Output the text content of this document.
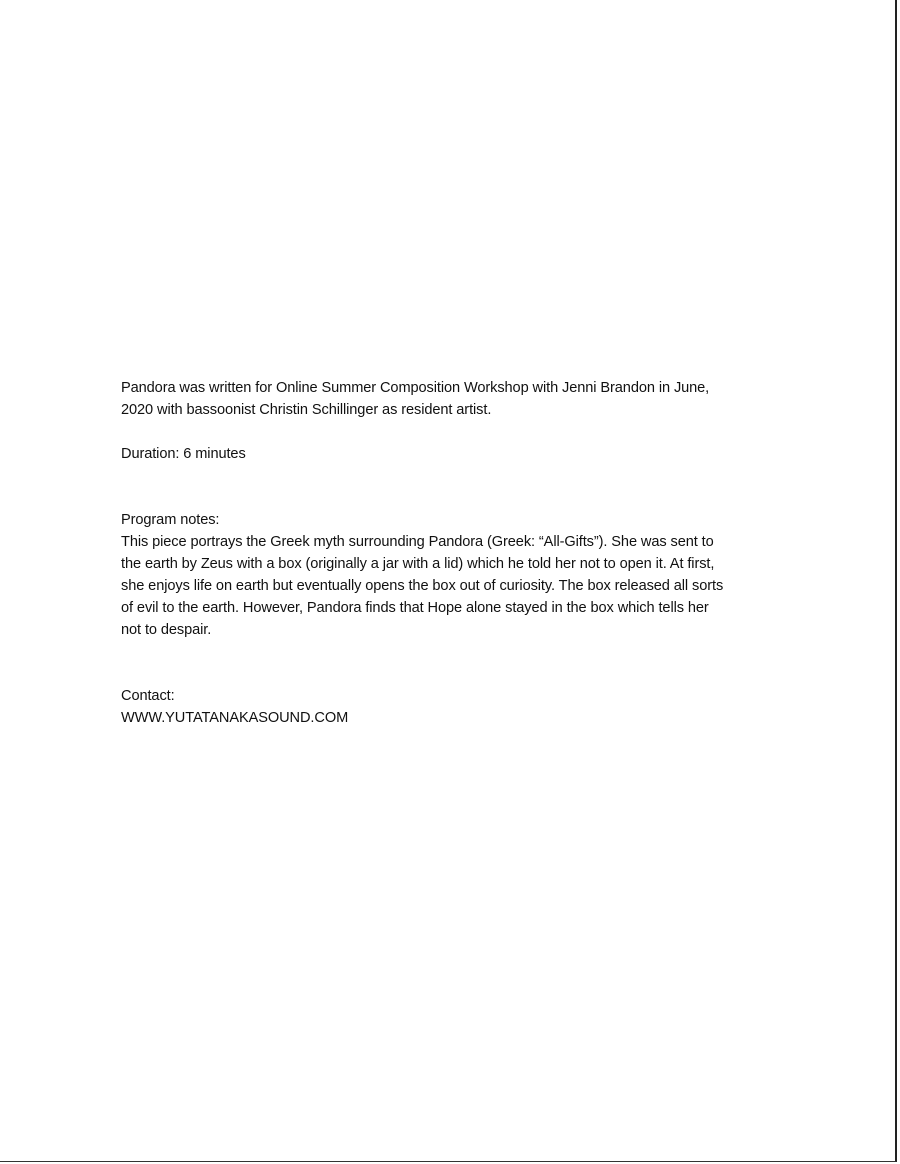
Pandora was written for Online Summer Composition Workshop with Jenni Brandon in June,
2020 with bassoonist Christin Schillinger as resident artist.
Duration: 6 minutes
Program notes:
This piece portrays the Greek myth surrounding Pandora (Greek: “All-Gifts”). She was sent to
the earth by Zeus with a box (originally a jar with a lid) which he told her not to open it. At first,
she enjoys life on earth but eventually opens the box out of curiosity. The box released all sorts
of evil to the earth. However, Pandora finds that Hope alone stayed in the box which tells her
not to despair.
Contact:
WWW.YUTATANAKASOUND.COM
